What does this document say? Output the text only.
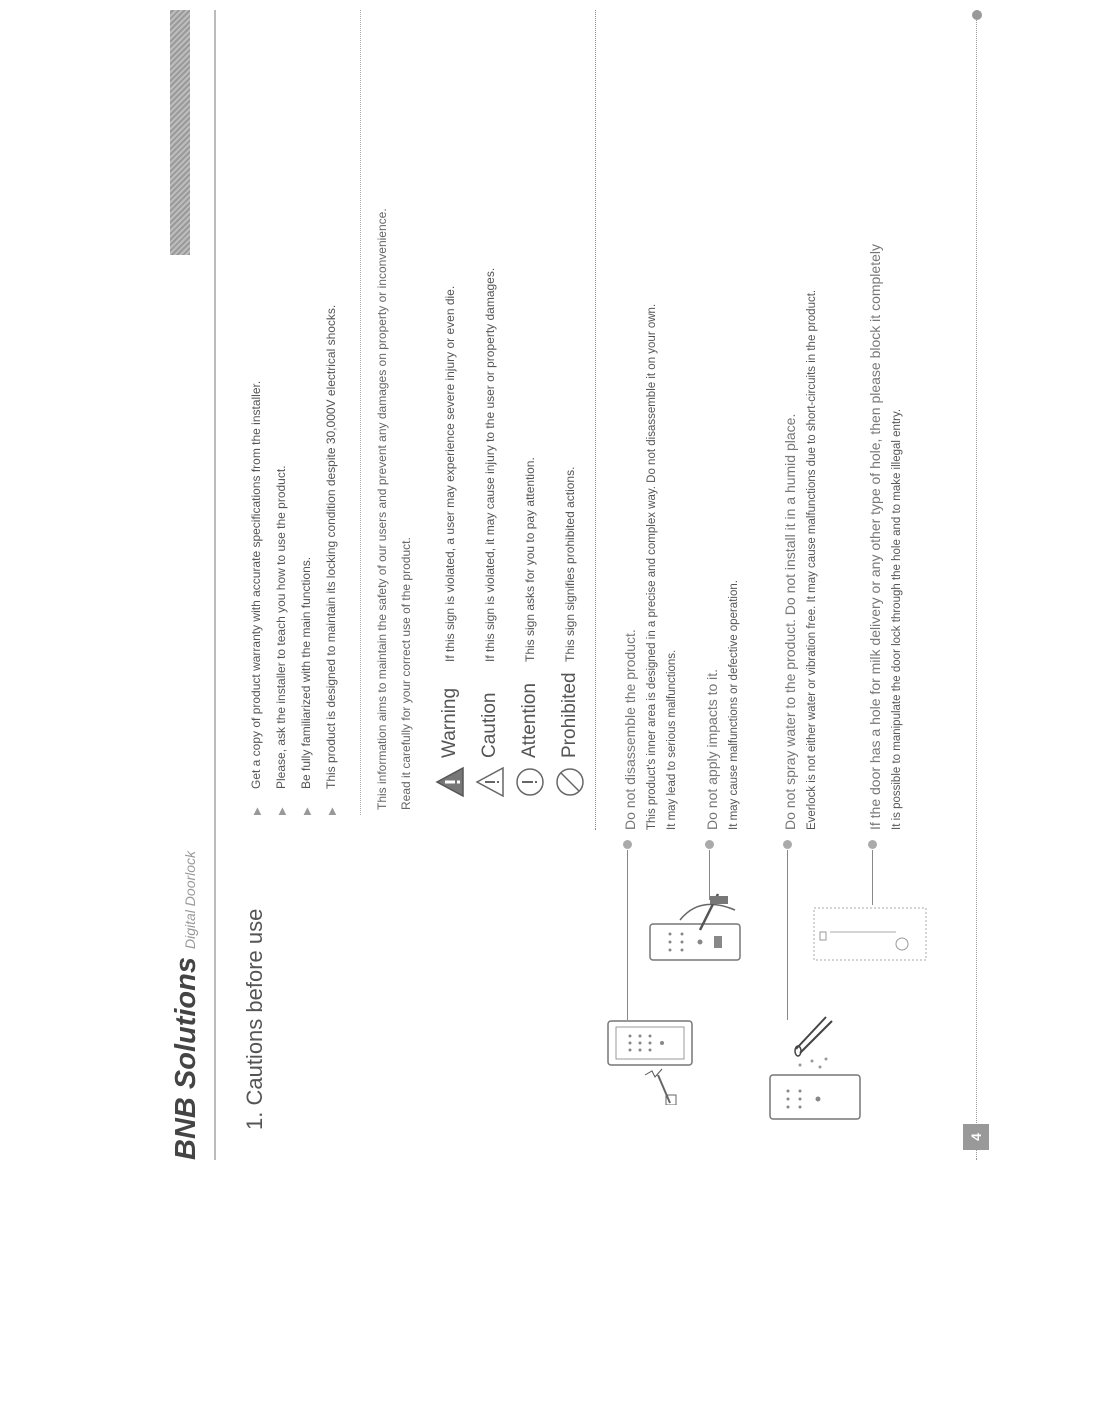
BNB SolutionsDigital Doorlock
1. Cautions before use
▶Get a copy of product warranty with accurate specifications from the installer.
▶Please, ask the installer to teach you how to use the product.
▶Be fully familiarized with the main functions.
▶This product is designed to maintain its locking condition despite 30,000V electrical shocks.	This information aims to maintain the safety of our users and prevent any damages on property or inconvenience. Read it carefully for your correct use of the product. Warning
If this sign is violated, a user may experience severe injury or even die.
Caution
If this sign is violated, it may cause injury to the user or property damages.
Attention
This sign asks for you to pay attention.
Prohibited
This sign signifies prohibited actions.
Do not disassemble the product. This product's inner area is designed in a precise and complex way. Do not disassemble it on your own. It may lead to serious malfunctions. Do not apply impacts to it. It may cause malfunctions or defective operation.	Do not spray water to the product. Do not install it in a humid place. Everlock is not either water or vibration free. It may cause malfunctions due to short-circuits in the product.	If the door has a hole for milk delivery or any other type of hole, then please block it completely It is possible to manipulate the door lock through the hole and to make illegal entry.
4
